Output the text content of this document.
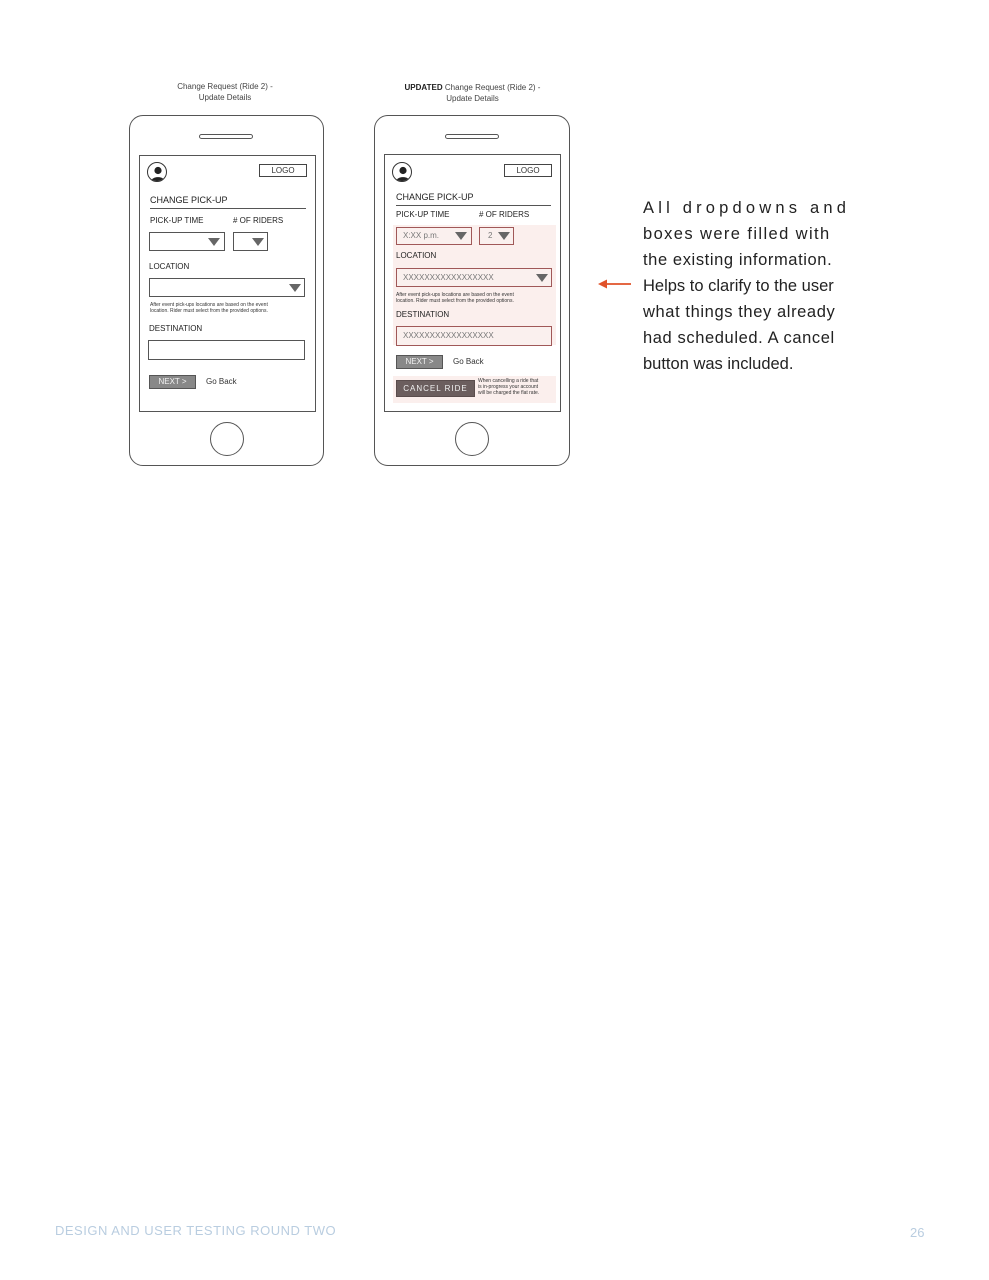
Change Request (Ride 2) -
Update Details
LOGO
CHANGE PICK-UP
PICK-UP TIME	# OF RIDERS
LOCATION
After event pick-ups locations are based on the event
location. Rider must select from the provided options.
DESTINATION
NEXT >	Go Back
UPDATED Change Request (Ride 2) -
Update Details
LOGO
CHANGE PICK-UP
PICK-UP TIME	# OF RIDERS
X:XX p.m.	2
LOCATION
XXXXXXXXXXXXXXXXX
After event pick-ups locations are based on the event
location. Rider must select from the provided options.
DESTINATION
XXXXXXXXXXXXXXXXX
NEXT >	Go Back
CANCEL RIDE
When cancelling a ride that
is in-progress your account
will be charged the flat rate.
All dropdowns and
boxes were filled with
the existing information.
Helps to clarify to the user
what things they already
had scheduled. A cancel
button was included.
DESIGN AND USER TESTING ROUND TWO	26
